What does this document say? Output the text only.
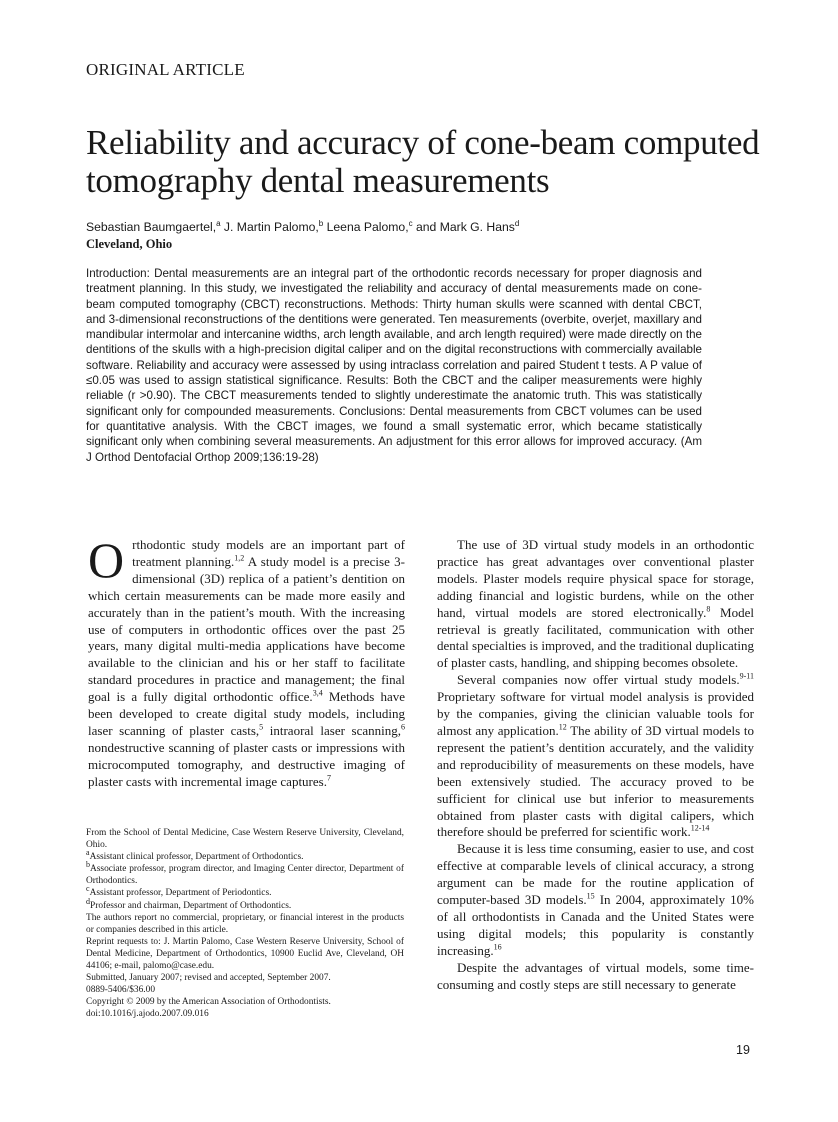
ORIGINAL ARTICLE
Reliability and accuracy of cone-beam computed tomography dental measurements
Sebastian Baumgaertel,$^a$ J. Martin Palomo,$^b$ Leena Palomo,$^c$ and Mark G. Hans$^d$
Cleveland, Ohio

Introduction: Dental measurements are an integral part of the orthodontic records necessary for proper diagnosis and treatment planning. In this study, we investigated the reliability and accuracy of dental measurements made on cone-beam computed tomography (CBCT) reconstructions. Methods: Thirty human skulls were scanned with dental CBCT, and 3-dimensional reconstructions of the dentitions were generated. Ten measurements (overbite, overjet, maxillary and mandibular intermolar and intercanine widths, arch length available, and arch length required) were made directly on the dentitions of the skulls with a high-precision digital caliper and on the digital reconstructions with commercially available software. Reliability and accuracy were assessed by using intraclass correlation and paired Student t tests. A P value of ≤0.05 was used to assign statistical significance. Results: Both the CBCT and the caliper measurements were highly reliable (r >0.90). The CBCT measurements tended to slightly underestimate the anatomic truth. This was statistically significant only for compounded measurements. Conclusions: Dental measurements from CBCT volumes can be used for quantitative analysis. With the CBCT images, we found a small systematic error, which became statistically significant only when combining several measurements. An adjustment for this error allows for improved accuracy. (Am J Orthod Dentofacial Orthop 2009;136:19-28)

Orthodontic study models are an important part of treatment planning.$^{1,2}$ A study model is a precise 3-dimensional (3D) replica of a patient’s dentition on which certain measurements can be made more easily and accurately than in the patient’s mouth. With the increasing use of computers in orthodontic offices over the past 25 years, many digital multi-media applications have become available to the clinician and his or her staff to facilitate standard procedures in practice and management; the final goal is a fully digital orthodontic office.$^{3,4}$ Methods have been developed to create digital study models, including laser scanning of plaster casts,$^5$ intraoral laser scanning,$^6$ nondestructive scanning of plaster casts or impressions with microcomputed tomography, and destructive imaging of plaster casts with incremental image captures.$^7$

From the School of Dental Medicine, Case Western Reserve University, Cleveland, Ohio.
$^a$Assistant clinical professor, Department of Orthodontics.
$^b$Associate professor, program director, and Imaging Center director, Department of Orthodontics.
$^c$Assistant professor, Department of Periodontics.
$^d$Professor and chairman, Department of Orthodontics.
The authors report no commercial, proprietary, or financial interest in the products or companies described in this article.
Reprint requests to: J. Martin Palomo, Case Western Reserve University, School of Dental Medicine, Department of Orthodontics, 10900 Euclid Ave, Cleveland, OH 44106; e-mail, palomo@case.edu.
Submitted, January 2007; revised and accepted, September 2007.
0889-5406/$36.00
Copyright © 2009 by the American Association of Orthodontists.
doi:10.1016/j.ajodo.2007.09.016

The use of 3D virtual study models in an orthodontic practice has great advantages over conventional plaster models. Plaster models require physical space for storage, adding financial and logistic burdens, while on the other hand, virtual models are stored electronically.$^8$ Model retrieval is greatly facilitated, communication with other dental specialties is improved, and the traditional duplicating of plaster casts, handling, and shipping becomes obsolete.

Several companies now offer virtual study models.$^{9-11}$ Proprietary software for virtual model analysis is provided by the companies, giving the clinician valuable tools for almost any application.$^{12}$ The ability of 3D virtual models to represent the patient’s dentition accurately, and the validity and reproducibility of measurements on these models, have been extensively studied. The accuracy proved to be sufficient for clinical use but inferior to measurements obtained from plaster casts with digital calipers, which therefore should be preferred for scientific work.$^{12-14}$

Because it is less time consuming, easier to use, and cost effective at comparable levels of clinical accuracy, a strong argument can be made for the routine application of computer-based 3D models.$^{15}$ In 2004, approximately 10% of all orthodontists in Canada and the United States were using digital models; this popularity is constantly increasing.$^{16}$

Despite the advantages of virtual models, some time-consuming and costly steps are still necessary to generate

19
